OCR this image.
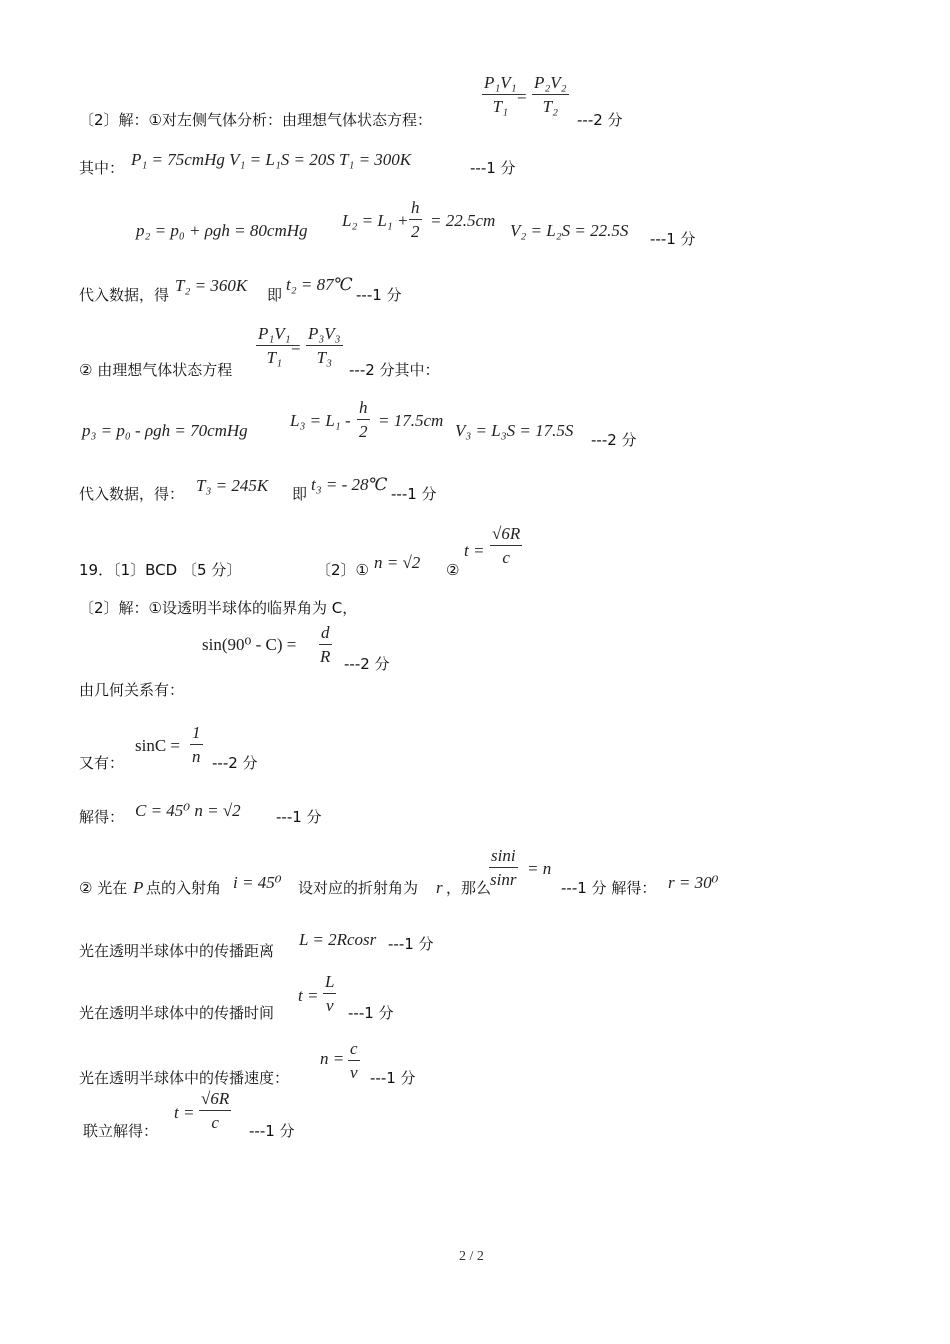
$\frac{\text{P₁V₁}}{\text{T₁}}$
= $\frac{\text{P₂V₂}}{\text{T₂}}$
〔2〕解：①对左侧气体分析：由理想气体状态方程：	---2 分
其中： P₁ = 75cmHg V₁ = L₁S = 20S T₁ = 300K	---1 分
p₂ = p₀ + ρgh = 80cmHg
$L_2 = L_1 + \frac{h}{2} = 22.5cm$
V₂ = L₂S = 22.5S ---1 分
代入数据，得 T₂ = 360K 即
t₂ = 87℃
---1 分
$\frac{\text{P₁V₁}}{\text{T₁}}$
= $\frac{\text{P₃V₃}}{\text{T₃}}$
② 由理想气体状态方程	---2 分其中：
p₃ = p₀ - ρgh = 70cmHg
$L_3 = L_1 - \frac{h}{2} = 17.5cm$
V₃ = L₃S = 17.5S ---2 分
代入数据，得： T₃ = 245K 即 t₃ = - 28℃ ---1 分
19．〔1〕BCD 〔5 分〕	〔2〕① n = √2 ②
$t = \frac{√6R}{c}$
〔2〕解：①设透明半球体的临界角为 C，
$\sin(90^0 - C) = \frac{d}{R} ---2$ 分
由几何关系有：
又有：
$\sin C = \frac{1}{n} ---2$ 分
解得： C = 45⁰ n = √2 ---1 分
② 光在 P 点的入射角 i = 45⁰ 设对应的折射角为 r ，那么
$\frac{\sin i}{\sin r} = n$
---1 分 解得： r = 30⁰
光在透明半球体中的传播距离
L = 2Rcosr ---1 分
光在透明半球体中的传播时间
$t = \frac{L}{v} ---1$ 分
光在透明半球体中的传播速度：
$n = \frac{c}{v} ---1$ 分
联立解得：
$t = \frac{√6R}{c} ---1$ 分
2 / 2
